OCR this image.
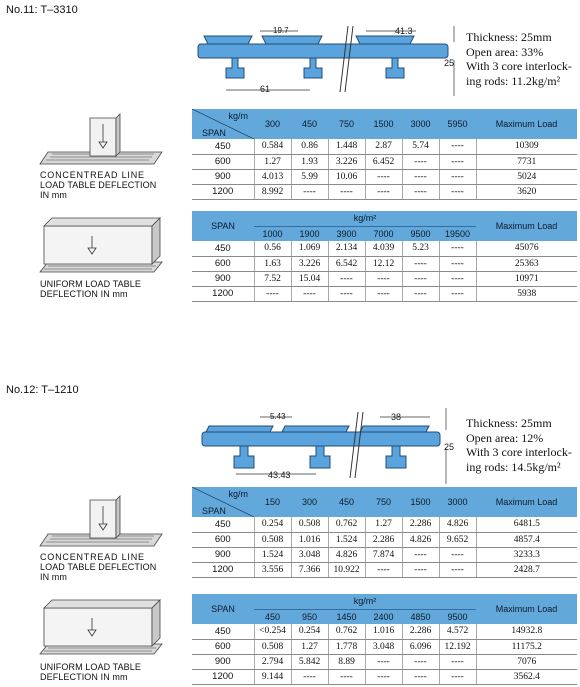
No.11: T–3310
19.7	41.3
25
61
Thickness: 25mm
Open area: 33%
With 3 core interlock-
ing rods: 11.2kg/m²
CONCENTREAD LINE
LOAD TABLE DEFLECTION
IN mm
kg/m
SPAN	300	450	750	1500	3000	5950	Maximum Load
450	0.584	0.86	1.448	2.87	5.74	----	10309
600	1.27	1.93	3.226	6.452	----	----	7731
900	4.013	5.99	10.06	----	----	----	5024
1200	8.992	----	----	----	----	----	3620
UNIFORM LOAD TABLE
DEFLECTION IN mm
SPAN	kg/m²						Maximum Load
	1000	1900	3900	7000	9500	19500	
450	0.56	1.069	2.134	4.039	5.23	----	45076
600	1.63	3.226	6.542	12.12	----	----	25363
900	7.52	15.04	----	----	----	----	10971
1200	----	----	----	----	----	----	5938
No.12: T–1210
5.43	38
25
43.43
Thickness: 25mm
Open area: 12%
With 3 core interlock-
ing rods: 14.5kg/m²
CONCENTREAD LINE
LOAD TABLE DEFLECTION
IN mm
kg/m
SPAN	150	300	450	750	1500	3000	Maximum Load
450	0.254	0.508	0.762	1.27	2.286	4.826	6481.5
600	0.508	1.016	1.524	2.286	4.826	9.652	4857.4
900	1.524	3.048	4.826	7.874	----	----	3233.3
1200	3.556	7.366	10.922	----	----	----	2428.7
UNIFORM LOAD TABLE
DEFLECTION IN mm
SPAN	kg/m²						Maximum Load
	450	950	1450	2400	4850	9500	
450	<0.254	0.254	0.762	1.016	2.286	4.572	14932.8
600	0.508	1.27	1.778	3.048	6.096	12.192	11175.2
900	2.794	5.842	8.89	----	----	----	7076
1200	9.144	----	----	----	----	----	3562.4
